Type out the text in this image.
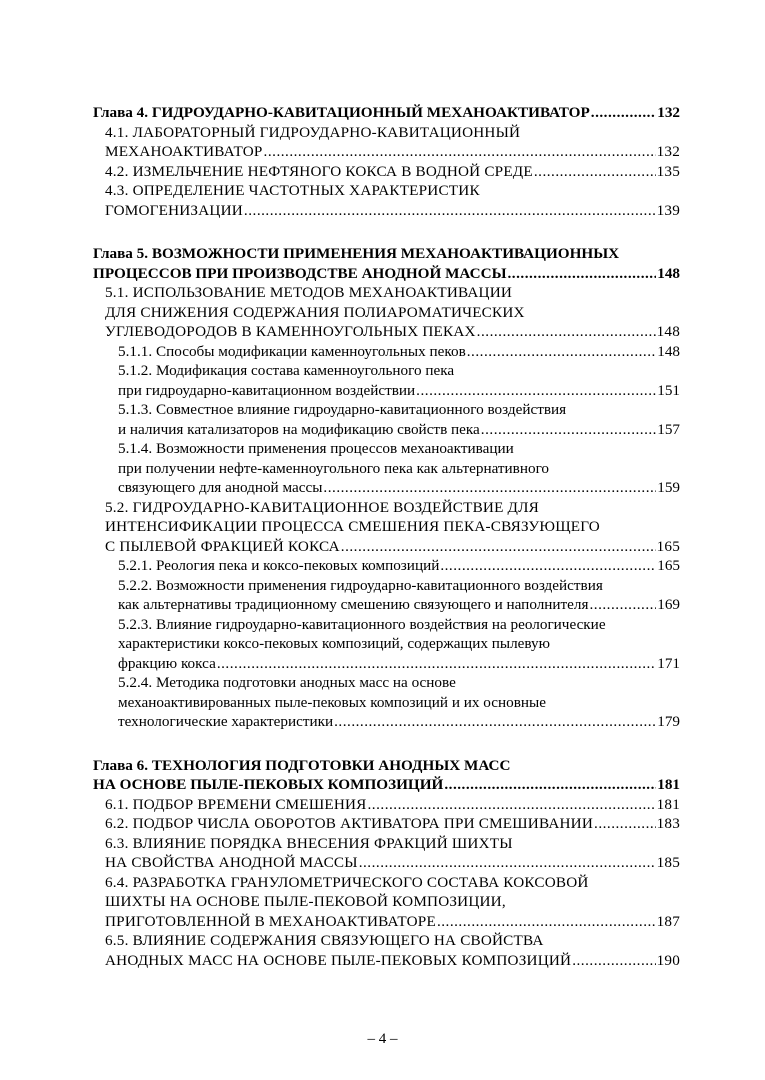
Глава 4. ГИДРОУДАРНО-КАВИТАЦИОННЫЙ МЕХАНОАКТИВАТОР .....	132
4.1. ЛАБОРАТОРНЫЙ ГИДРОУДАРНО-КАВИТАЦИОННЫЙ
МЕХАНОАКТИВАТОР .....	132
4.2. ИЗМЕЛЬЧЕНИЕ НЕФТЯНОГО КОКСА В ВОДНОЙ СРЕДЕ .....	135
4.3. ОПРЕДЕЛЕНИЕ ЧАСТОТНЫХ ХАРАКТЕРИСТИК
ГОМОГЕНИЗАЦИИ .....	139
Глава 5. ВОЗМОЖНОСТИ ПРИМЕНЕНИЯ МЕХАНОАКТИВАЦИОННЫХ
ПРОЦЕССОВ ПРИ ПРОИЗВОДСТВЕ АНОДНОЙ МАССЫ .....	148
5.1. ИСПОЛЬЗОВАНИЕ МЕТОДОВ МЕХАНОАКТИВАЦИИ
ДЛЯ СНИЖЕНИЯ СОДЕРЖАНИЯ ПОЛИАРОМАТИЧЕСКИХ
УГЛЕВОДОРОДОВ В КАМЕННОУГОЛЬНЫХ ПЕКАХ .....	148
5.1.1. Способы модификации каменноугольных пеков .....	148
5.1.2. Модификация состава каменноугольного пека
при гидроударно-кавитационном воздействии .....	151
5.1.3. Совместное влияние гидроударно-кавитационного воздействия
и наличия катализаторов на модификацию свойств пека .....	157
5.1.4. Возможности применения процессов механоактивации
при получении нефте-каменноугольного пека как альтернативного
связующего для анодной массы .....	159
5.2. ГИДРОУДАРНО-КАВИТАЦИОННОЕ ВОЗДЕЙСТВИЕ ДЛЯ
ИНТЕНСИФИКАЦИИ ПРОЦЕССА СМЕШЕНИЯ ПЕКА-СВЯЗУЮЩЕГО
С ПЫЛЕВОЙ ФРАКЦИЕЙ КОКСА .....	165
5.2.1. Реология пека и коксо-пековых композиций .....	165
5.2.2. Возможности применения гидроударно-кавитационного воздействия
как альтернативы традиционному смешению связующего и наполнителя .....	169
5.2.3. Влияние гидроударно-кавитационного воздействия на реологические
характеристики коксо-пековых композиций, содержащих пылевую
фракцию кокса .....	171
5.2.4. Методика подготовки анодных масс на основе
механоактивированных пыле-пековых композиций и их основные
технологические характеристики .....	179
Глава 6. ТЕХНОЛОГИЯ ПОДГОТОВКИ АНОДНЫХ МАСС
НА ОСНОВЕ ПЫЛЕ-ПЕКОВЫХ КОМПОЗИЦИЙ .....	181
6.1. ПОДБОР ВРЕМЕНИ СМЕШЕНИЯ .....	181
6.2. ПОДБОР ЧИСЛА ОБОРОТОВ АКТИВАТОРА ПРИ СМЕШИВАНИИ .....	183
6.3. ВЛИЯНИЕ ПОРЯДКА ВНЕСЕНИЯ ФРАКЦИЙ ШИХТЫ
НА СВОЙСТВА АНОДНОЙ МАССЫ .....	185
6.4. РАЗРАБОТКА ГРАНУЛОМЕТРИЧЕСКОГО СОСТАВА КОКСОВОЙ
ШИХТЫ НА ОСНОВЕ ПЫЛЕ-ПЕКОВОЙ КОМПОЗИЦИИ,
ПРИГОТОВЛЕННОЙ В МЕХАНОАКТИВАТОРЕ .....	187
6.5. ВЛИЯНИЕ СОДЕРЖАНИЯ СВЯЗУЮЩЕГО НА СВОЙСТВА
АНОДНЫХ МАСС НА ОСНОВЕ ПЫЛЕ-ПЕКОВЫХ КОМПОЗИЦИЙ .....	190
– 4 –
